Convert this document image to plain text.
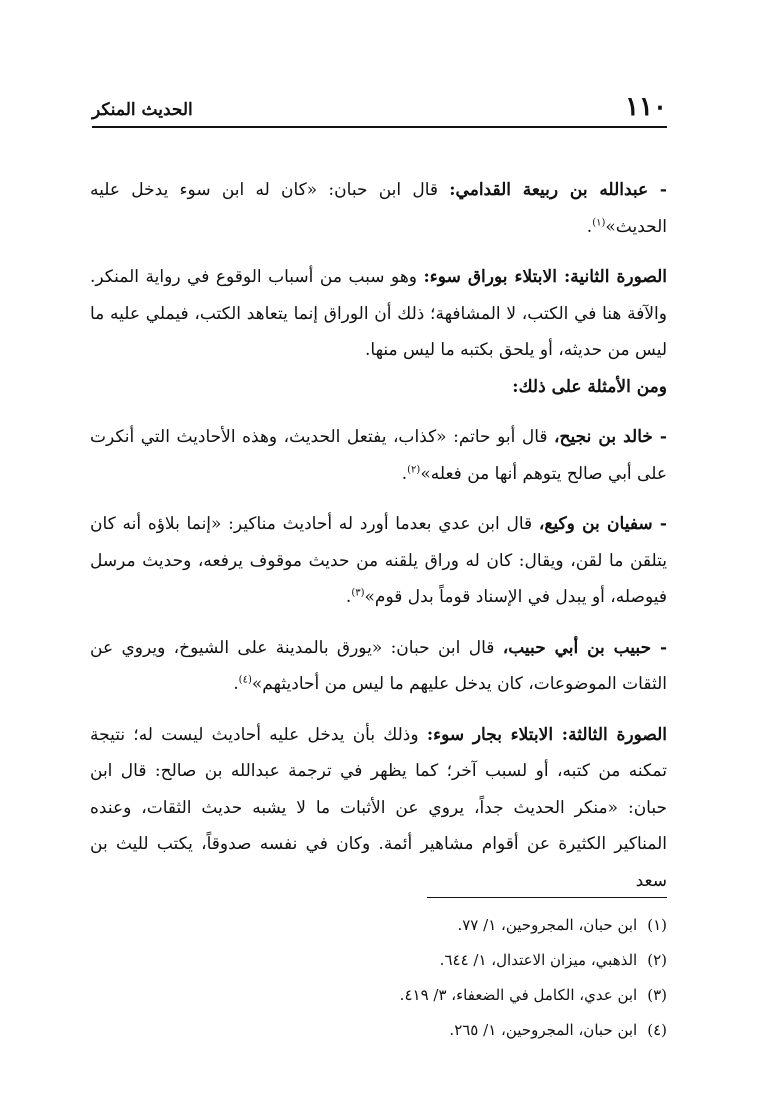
١١٠
الحديث المنكر

- عبدالله بن ربيعة القدامي: قال ابن حبان: «كان له ابن سوء يدخل عليه الحديث»$^{(١)}$.

الصورة الثانية: الابتلاء بوراق سوء: وهو سبب من أسباب الوقوع في رواية المنكر. والآفة هنا في الكتب، لا المشافهة؛ ذلك أن الوراق إنما يتعاهد الكتب، فيملي عليه ما ليس من حديثه، أو يلحق بكتبه ما ليس منها.

ومن الأمثلة على ذلك:

- خالد بن نجيح، قال أبو حاتم: «كذاب، يفتعل الحديث، وهذه الأحاديث التي أنكرت على أبي صالح يتوهم أنها من فعله»$^{(٢)}$.

- سفيان بن وكيع، قال ابن عدي بعدما أورد له أحاديث مناكير: «إنما بلاؤه أنه كان يتلقن ما لقن، ويقال: كان له وراق يلقنه من حديث موقوف يرفعه، وحديث مرسل فيوصله، أو يبدل في الإسناد قوماً بدل قوم»$^{(٣)}$.

- حبيب بن أبي حبيب، قال ابن حبان: «يورق بالمدينة على الشيوخ، ويروي عن الثقات الموضوعات، كان يدخل عليهم ما ليس من أحاديثهم»$^{(٤)}$.

الصورة الثالثة: الابتلاء بجار سوء: وذلك بأن يدخل عليه أحاديث ليست له؛ نتيجة تمكنه من كتبه، أو لسبب آخر؛ كما يظهر في ترجمة عبدالله بن صالح: قال ابن حبان: «منكر الحديث جداً، يروي عن الأثبات ما لا يشبه حديث الثقات، وعنده المناكير الكثيرة عن أقوام مشاهير أئمة. وكان في نفسه صدوقاً، يكتب لليث بن سعد

(١)ابن حبان، المجروحين، ١/ ٧٧.

(٢)الذهبي، ميزان الاعتدال، ١/ ٦٤٤.

(٣)ابن عدي، الكامل في الضعفاء، ٣/ ٤١٩.

(٤)ابن حبان، المجروحين، ١/ ٢٦٥.
